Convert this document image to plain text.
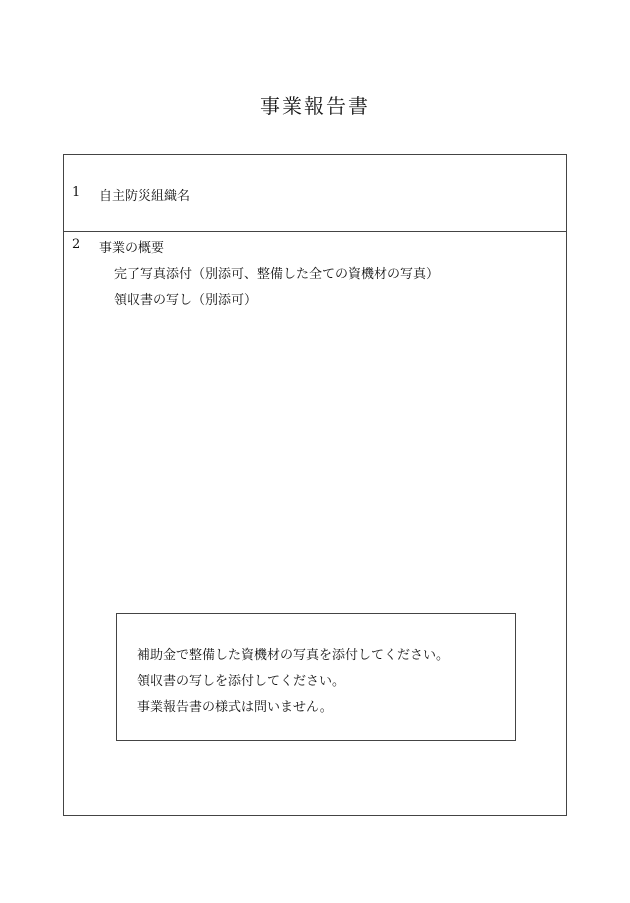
事業報告書
1 自主防災組織名
2 事業の概要
完了写真添付（別添可、整備した全ての資機材の写真）
領収書の写し（別添可）
補助金で整備した資機材の写真を添付してください。
領収書の写しを添付してください。
事業報告書の様式は問いません。
